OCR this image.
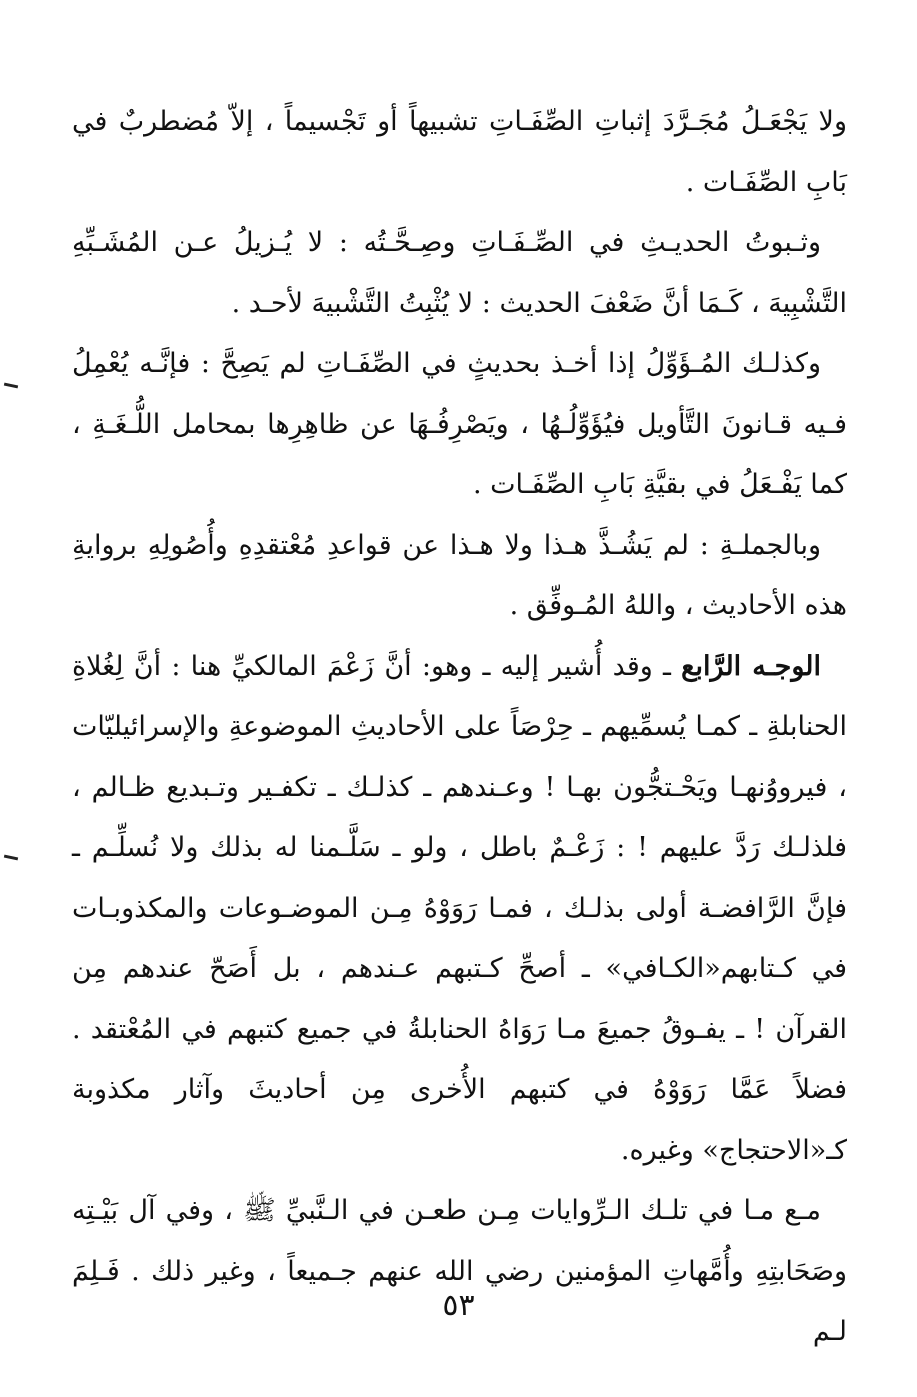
ولا يَجْعَـلُ مُجَـرَّدَ إثباتِ الصِّفَـاتِ تشبيهاً أو تَجْسيماً ، إلاّ مُضطربٌ في بَابِ الصِّفَـات .

وثـبوتُ الحديـثِ في الصِّـفَـاتِ وصِـحَّـتُه : لا يُـزيلُ عـن المُشَـبِّهِ التَّشْبِيهَ ، كَـمَا أنَّ ضَعْفَ الحديث : لا يُثْبِتُ التَّشْبيهَ لأحـد .

وكذلـك المُـؤَوِّلُ إذا أخـذ بحديثٍ في الصِّفَـاتِ لم يَصِحَّ : فإنَّـه يُعْمِلُ فـيه قـانونَ التَّأويل فيُؤَوِّلُـهُا ، ويَصْرِفُـهَا عن ظاهِرِها بمحامل اللُّـغَـةِ ، كما يَفْـعَلُ في بقيَّةِ بَابِ الصِّفَـات .

وبالجملـةِ : لم يَشُـذَّ هـذا ولا هـذا عن قواعدِ مُعْتقدِهِ وأُصُولِهِ بروايةِ هذه الأحاديث ، واللهُ المُـوفِّق .

الوجـه الرَّابع ـ وقد أُشير إليه ـ وهو: أنَّ زَعْمَ المالكيِّ هنا : أنَّ لِغُلاةِ الحنابلةِ ـ كمـا يُسمِّيهم ـ حِرْصَاً على الأحاديثِ الموضوعةِ والإسرائيليّات ، فيرووُنهـا ويَحْـتجُّون بهـا ! وعـندهم ـ كذلـك ـ تكفـير وتـبديع ظـالم ، فلذلـك رَدَّ عليهم ! : زَعْـمٌ باطل ، ولو ـ سَلَّـمنا له بذلك ولا نُسلِّـم ـ فإنَّ الرَّافضـة أولى بذلـك ، فمـا رَوَوْهُ مِـن الموضـوعات والمكذوبـات في كـتابهم«الكـافي» ـ أصحِّ كـتبهم عـندهم ، بل أَصَحّ عندهم مِن القرآن ! ـ يفـوقُ جميعَ مـا رَوَاهُ الحنابلةُ في جميع كتبهم في المُعْتقد . فضلاً عَمَّا رَوَوْهُ في كتبهم الأُخرى مِن أحاديثَ وآثار مكذوبة كـ«الاحتجاج» وغيره.

مـع مـا في تلـك الـرِّوايات مِـن طعـن في الـنَّبيِّ ﷺ ، وفي آل بَيْـتِه وصَحَابتِهِ وأُمَّهاتِ المؤمنين رضي الله عنهم جـميعاً ، وغير ذلك . فَـلِمَ لـم

٥٣
